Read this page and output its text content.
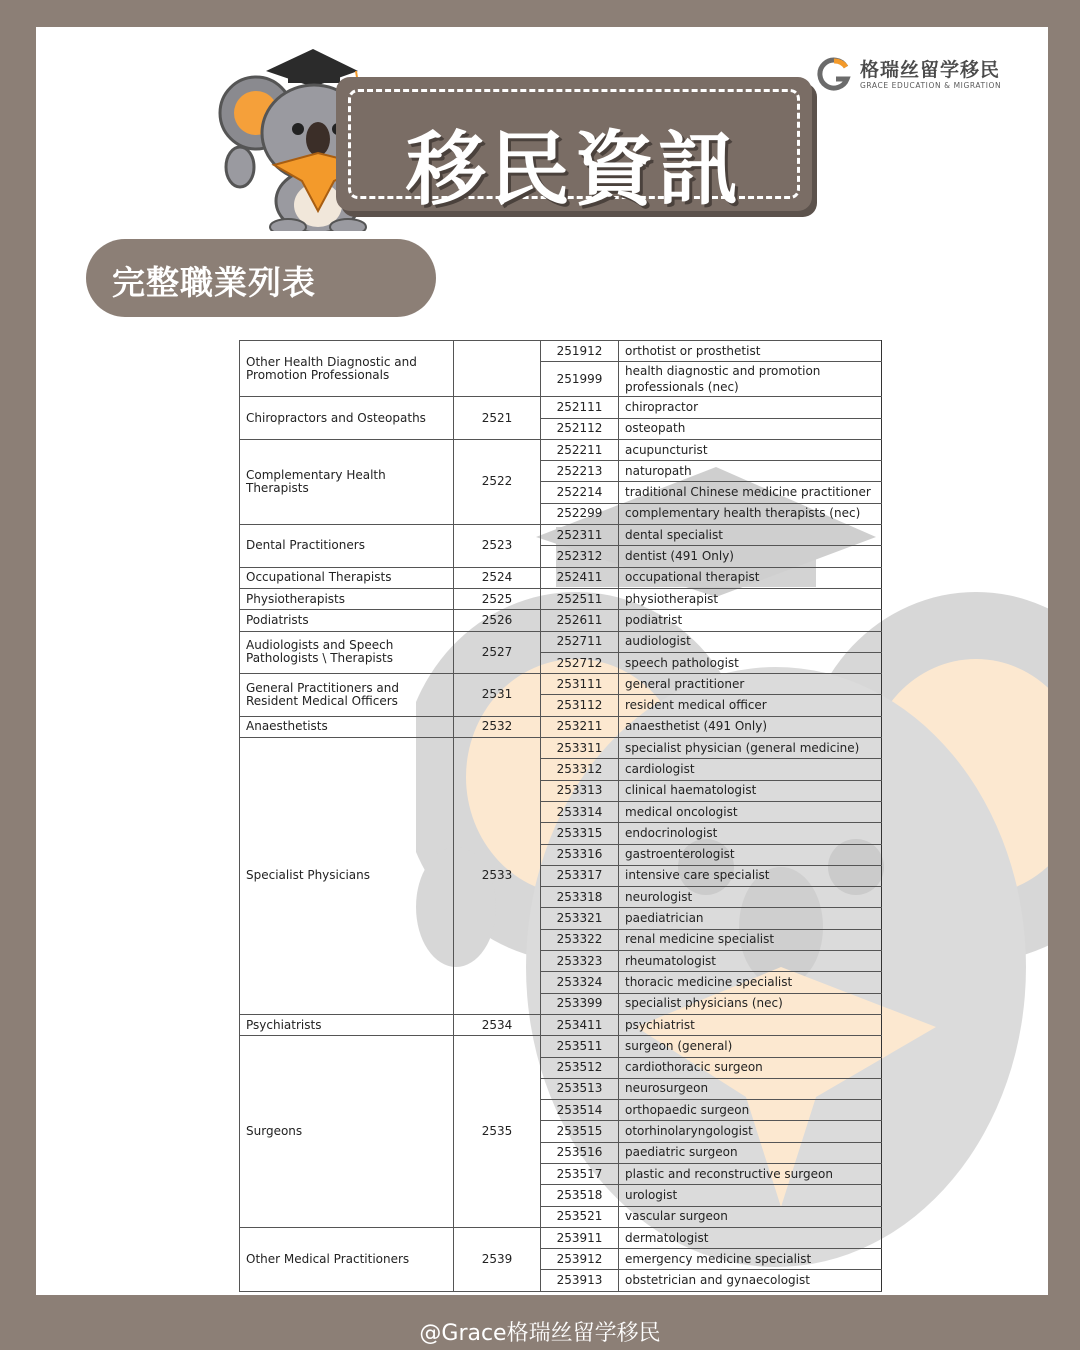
移民資訊
格瑞丝留学移民
GRACE EDUCATION & MIGRATION
完整職業列表
Other Health Diagnostic and Promotion Professionals		251912	orthotist or prosthetist
		251999	health diagnostic and promotion professionals (nec)
Chiropractors and Osteopaths	2521	252111	chiropractor
		252112	osteopath
Complementary Health Therapists	2522	252211	acupuncturist
		252213	naturopath
		252214	traditional Chinese medicine practitioner
		252299	complementary health therapists (nec)
Dental Practitioners	2523	252311	dental specialist
		252312	dentist (491 Only)
Occupational Therapists	2524	252411	occupational therapist
Physiotherapists	2525	252511	physiotherapist
Podiatrists	2526	252611	podiatrist
Audiologists and Speech Pathologists \ Therapists	2527	252711	audiologist
		252712	speech pathologist
General Practitioners and Resident Medical Officers	2531	253111	general practitioner
		253112	resident medical officer
Anaesthetists	2532	253211	anaesthetist (491 Only)
Specialist Physicians	2533	253311	specialist physician (general medicine)
		253312	cardiologist
		253313	clinical haematologist
		253314	medical oncologist
		253315	endocrinologist
		253316	gastroenterologist
		253317	intensive care specialist
		253318	neurologist
		253321	paediatrician
		253322	renal medicine specialist
		253323	rheumatologist
		253324	thoracic medicine specialist
		253399	specialist physicians (nec)
Psychiatrists	2534	253411	psychiatrist
Surgeons	2535	253511	surgeon (general)
		253512	cardiothoracic surgeon
		253513	neurosurgeon
		253514	orthopaedic surgeon
		253515	otorhinolaryngologist
		253516	paediatric surgeon
		253517	plastic and reconstructive surgeon
		253518	urologist
		253521	vascular surgeon
Other Medical Practitioners	2539	253911	dermatologist
		253912	emergency medicine specialist
		253913	obstetrician and gynaecologist
@Grace格瑞丝留学移民
